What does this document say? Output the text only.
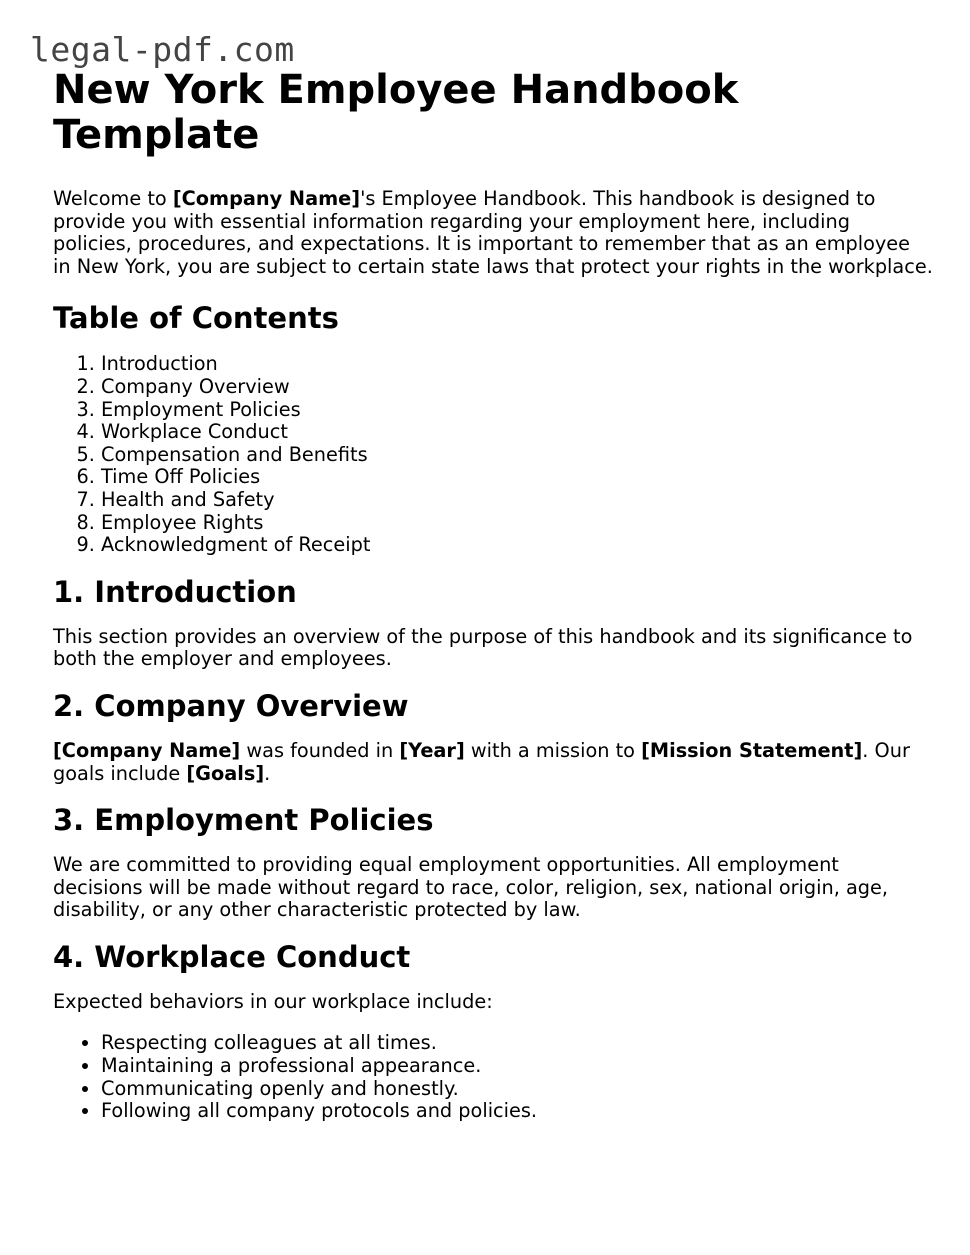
legal-pdf.com
New York Employee Handbook Template

Welcome to [Company Name]'s Employee Handbook. This handbook is designed to provide you with essential information regarding your employment here, including policies, procedures, and expectations. It is important to remember that as an employee in New York, you are subject to certain state laws that protect your rights in the workplace.

Table of Contents
1. Introduction
2. Company Overview
3. Employment Policies
4. Workplace Conduct
5. Compensation and Benefits
6. Time Off Policies
7. Health and Safety
8. Employee Rights
9. Acknowledgment of Receipt
1. Introduction

This section provides an overview of the purpose of this handbook and its significance to both the employer and employees.

2. Company Overview

[Company Name] was founded in [Year] with a mission to [Mission Statement]. Our goals include [Goals].

3. Employment Policies

We are committed to providing equal employment opportunities. All employment decisions will be made without regard to race, color, religion, sex, national origin, age, disability, or any other characteristic protected by law.

4. Workplace Conduct

Expected behaviors in our workplace include:

• Respecting colleagues at all times.
• Maintaining a professional appearance.
• Communicating openly and honestly.
• Following all company protocols and policies.
